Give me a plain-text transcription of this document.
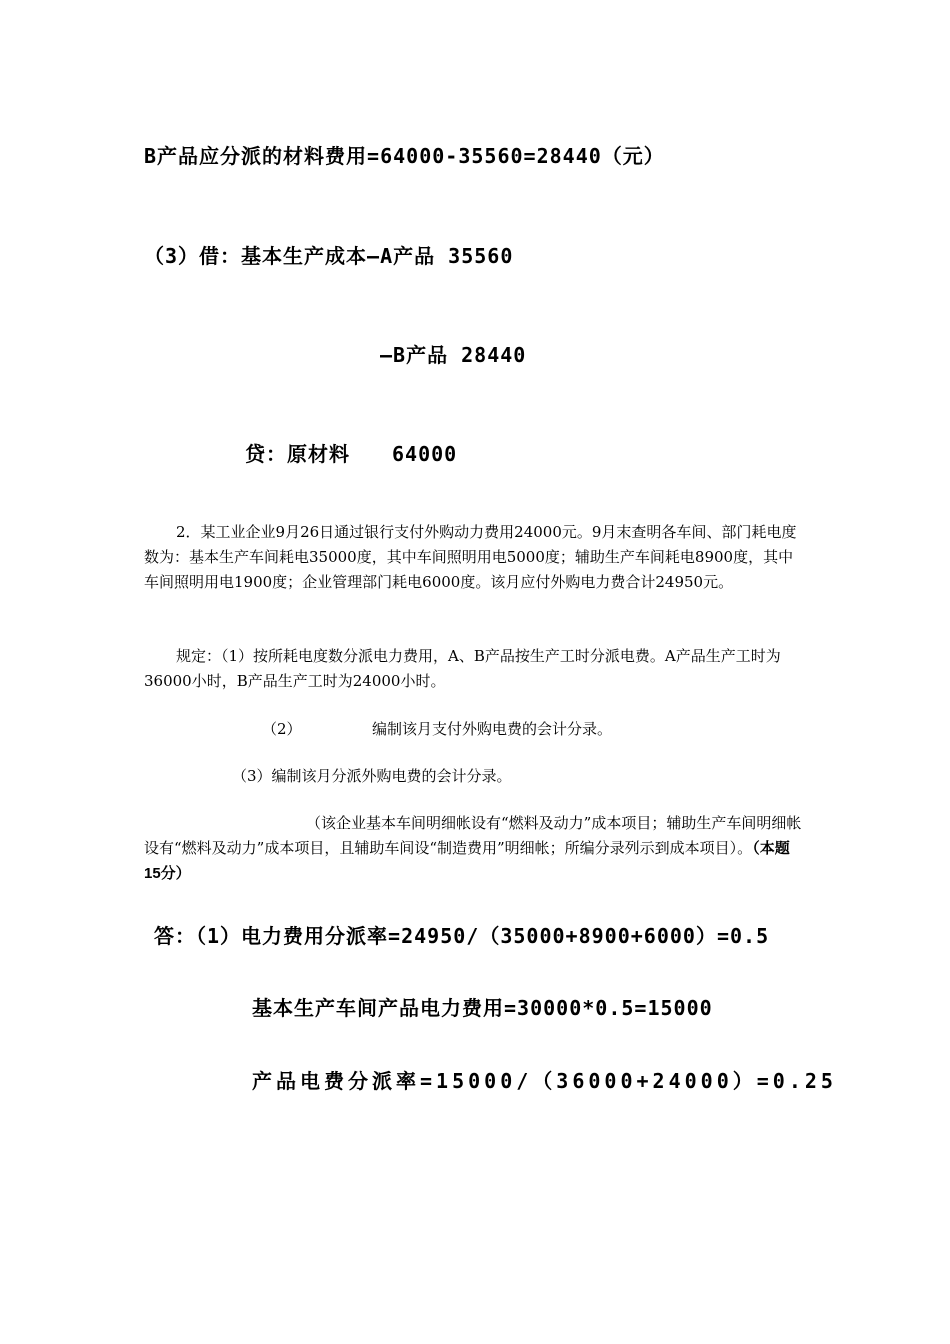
B产品应分派的材料费用=64000-35560=28440（元）

（3）借：基本生产成本—A产品 35560

—B产品 28440

贷：原材料　　64000

2．某工业企业9月26日通过银行支付外购动力费用24000元。9月末查明各车间、部门耗电度数为：基本生产车间耗电35000度，其中车间照明用电5000度；辅助生产车间耗电8900度，其中车间照明用电1900度；企业管理部门耗电6000度。该月应付外购电力费合计24950元。

规定：（1）按所耗电度数分派电力费用，A、B产品按生产工时分派电费。A产品生产工时为36000小时，B产品生产工时为24000小时。

（2）	编制该月支付外购电费的会计分录。

（3）编制该月分派外购电费的会计分录。

（该企业基本车间明细帐设有“燃料及动力”成本项目；辅助生产车间明细帐设有“燃料及动力”成本项目，且辅助车间设“制造费用”明细帐；所编分录列示到成本项目）。（本题15分）

答：（1）电力费用分派率=24950/（35000+8900+6000）=0.5

基本生产车间产品电力费用=30000*0.5=15000

产品电费分派率=15000/（36000+24000）=0.25
